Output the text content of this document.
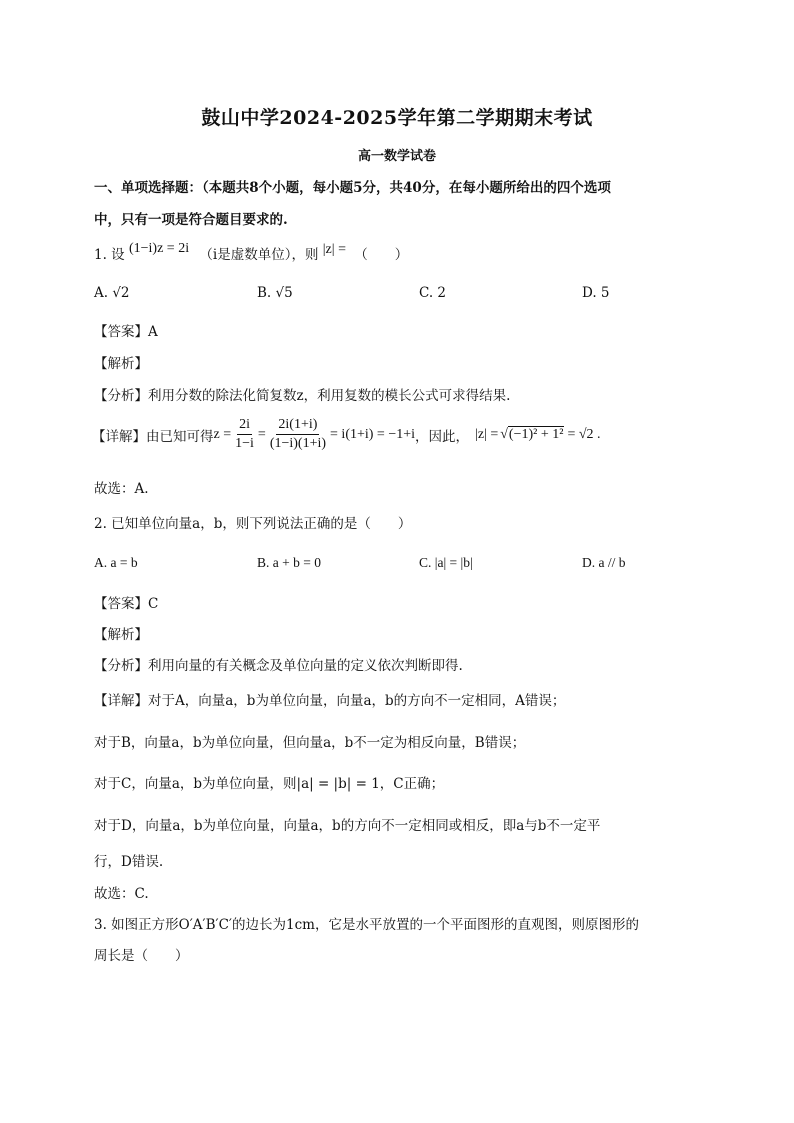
鼓山中学2024-2025学年第二学期期末考试
高一数学试卷
一、单项选择题：（本题共8个小题，每小题5分，共40分，在每小题所给出的四个选项
中，只有一项是符合题目要求的.
1. 设 (1−i)z = 2i （i是虚数单位），则 |z| = （　　）
A. √2	B. √5	C. 2	D. 5
【答案】A
【解析】
【分析】利用分数的除法化简复数z，利用复数的模长公式可求得结果.
【详解】由已知可得 $z = \frac{2i}{1-i} = \frac{2i(1+i)}{(1-i)(1+i)} = i(1+i) = -1+i$ ，因此， |z| = √ (−1)² + 1² = √2 .
故选：A.
2. 已知单位向量a，b，则下列说法正确的是（　　）
A. a = b	B. a + b = 0	C. |a| = |b|	D. a // b
【答案】C
【解析】
【分析】利用向量的有关概念及单位向量的定义依次判断即得.
【详解】对于A，向量a，b为单位向量，向量a，b的方向不一定相同，A错误；
对于B，向量a，b为单位向量，但向量a，b不一定为相反向量，B错误；
对于C，向量a，b为单位向量，则|a| = |b| = 1，C正确；
对于D，向量a，b为单位向量，向量a，b的方向不一定相同或相反，即a与b不一定平
行，D错误.
故选：C.
3. 如图正方形O′A′B′C′的边长为1cm，它是水平放置的一个平面图形的直观图，则原图形的
周长是（　　）
